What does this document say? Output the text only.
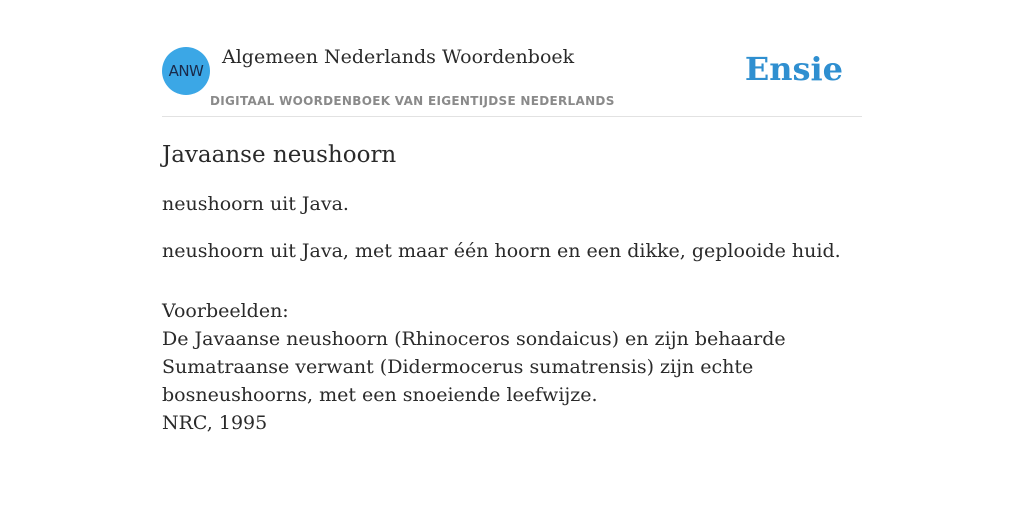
ANW
Algemeen Nederlands Woordenboek
DIGITAAL WOORDENBOEK VAN EIGENTIJDSE NEDERLANDS
Ensie
Javaanse neushoorn
neushoorn uit Java.
neushoorn uit Java, met maar één hoorn en een dikke, geplooide huid.
Voorbeelden:
De Javaanse neushoorn (Rhinoceros sondaicus) en zijn behaarde Sumatraanse verwant (Didermocerus sumatrensis) zijn echte bosneushoorns, met een snoeiende leefwijze.
NRC, 1995
